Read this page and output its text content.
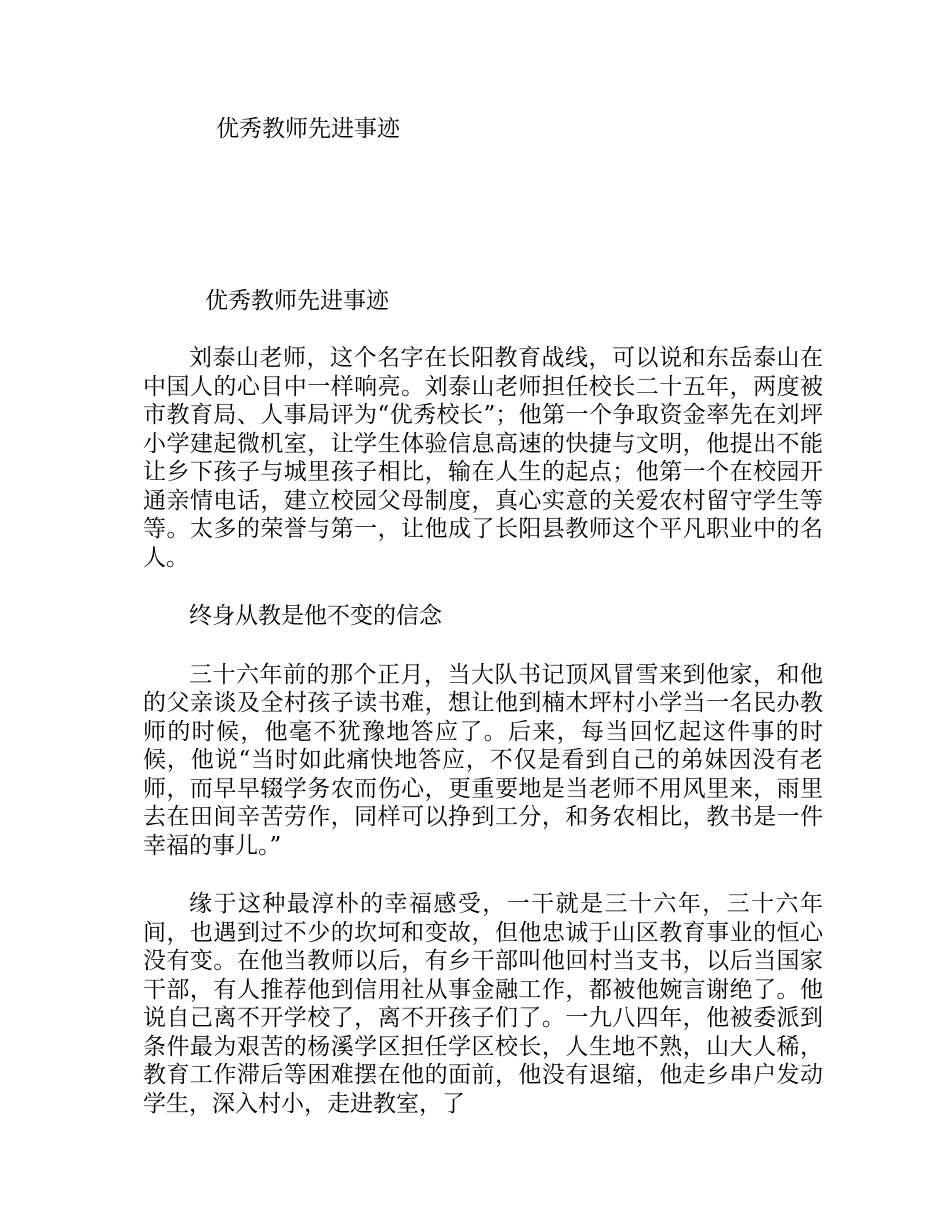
优秀教师先进事迹
优秀教师先进事迹

刘泰山老师，这个名字在长阳教育战线，可以说和东岳泰山在中国人的心目中一样响亮。刘泰山老师担任校长二十五年，两度被市教育局、人事局评为“优秀校长”；他第一个争取资金率先在刘坪小学建起微机室，让学生体验信息高速的快捷与文明，他提出不能让乡下孩子与城里孩子相比，输在人生的起点；他第一个在校园开通亲情电话，建立校园父母制度，真心实意的关爱农村留守学生等等。太多的荣誉与第一，让他成了长阳县教师这个平凡职业中的名人。

终身从教是他不变的信念

三十六年前的那个正月，当大队书记顶风冒雪来到他家，和他的父亲谈及全村孩子读书难，想让他到楠木坪村小学当一名民办教师的时候，他毫不犹豫地答应了。后来，每当回忆起这件事的时候，他说“当时如此痛快地答应，不仅是看到自己的弟妹因没有老师，而早早辍学务农而伤心，更重要地是当老师不用风里来，雨里去在田间辛苦劳作，同样可以挣到工分，和务农相比，教书是一件幸福的事儿。”

缘于这种最淳朴的幸福感受，一干就是三十六年，三十六年间，也遇到过不少的坎坷和变故，但他忠诚于山区教育事业的恒心没有变。在他当教师以后，有乡干部叫他回村当支书，以后当国家干部，有人推荐他到信用社从事金融工作，都被他婉言谢绝了。他说自己离不开学校了，离不开孩子们了。一九八四年，他被委派到条件最为艰苦的杨溪学区担任学区校长，人生地不熟，山大人稀，教育工作滞后等困难摆在他的面前，他没有退缩，他走乡串户发动学生，深入村小，走进教室，了
